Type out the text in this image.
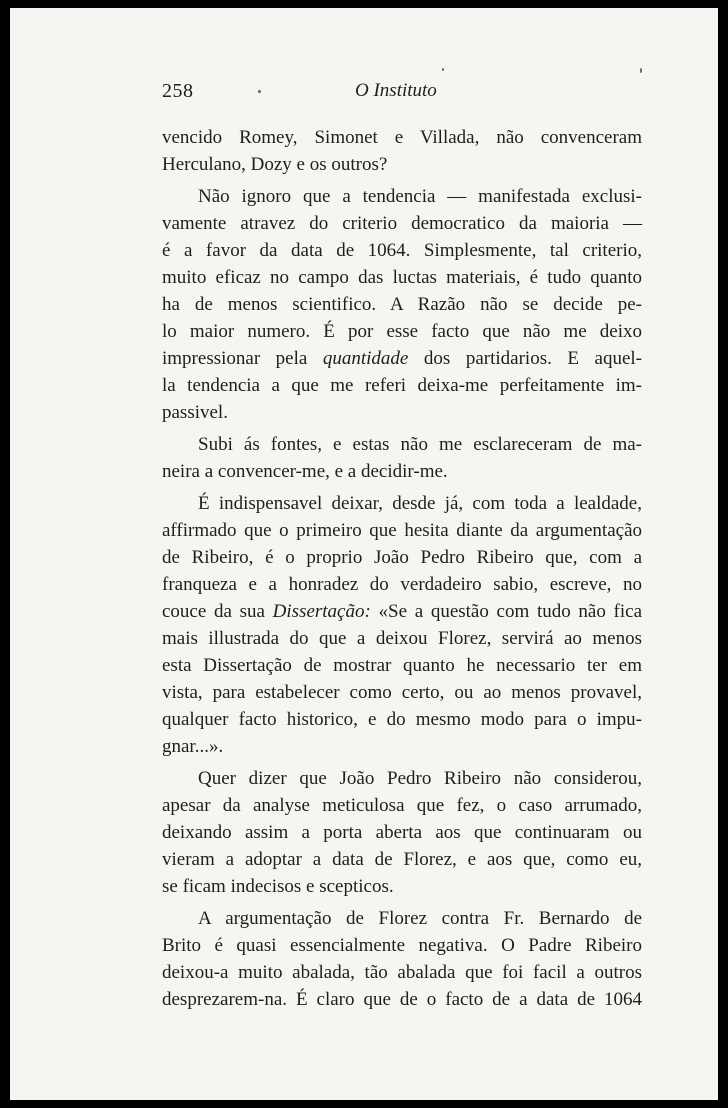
258	O Instituto
vencido Romey, Simonet e Villada, não convenceram
Herculano, Dozy e os outros?
Não ignoro que a tendencia — manifestada exclusi-
vamente atravez do criterio democratico da maioria —
é a favor da data de 1064. Simplesmente, tal criterio,
muito eficaz no campo das luctas materiais, é tudo quanto
ha de menos scientifico. A Razão não se decide pe-
lo maior numero. É por esse facto que não me deixo
impressionar pela quantidade dos partidarios. E aquel-
la tendencia a que me referi deixa-me perfeitamente im-
passivel.
Subi ás fontes, e estas não me esclareceram de ma-
neira a convencer-me, e a decidir-me.
É indispensavel deixar, desde já, com toda a lealdade,
affirmado que o primeiro que hesita diante da argumentação
de Ribeiro, é o proprio João Pedro Ribeiro que, com a
franqueza e a honradez do verdadeiro sabio, escreve, no
couce da sua Dissertação: «Se a questão com tudo não fica
mais illustrada do que a deixou Florez, servirá ao menos
esta Dissertação de mostrar quanto he necessario ter em
vista, para estabelecer como certo, ou ao menos provavel,
qualquer facto historico, e do mesmo modo para o impu-
gnar...».
Quer dizer que João Pedro Ribeiro não considerou,
apesar da analyse meticulosa que fez, o caso arrumado,
deixando assim a porta aberta aos que continuaram ou
vieram a adoptar a data de Florez, e aos que, como eu,
se ficam indecisos e scepticos.
A argumentação de Florez contra Fr. Bernardo de
Brito é quasi essencialmente negativa. O Padre Ribeiro
deixou-a muito abalada, tão abalada que foi facil a outros
desprezarem-na. É claro que de o facto de a data de 1064
